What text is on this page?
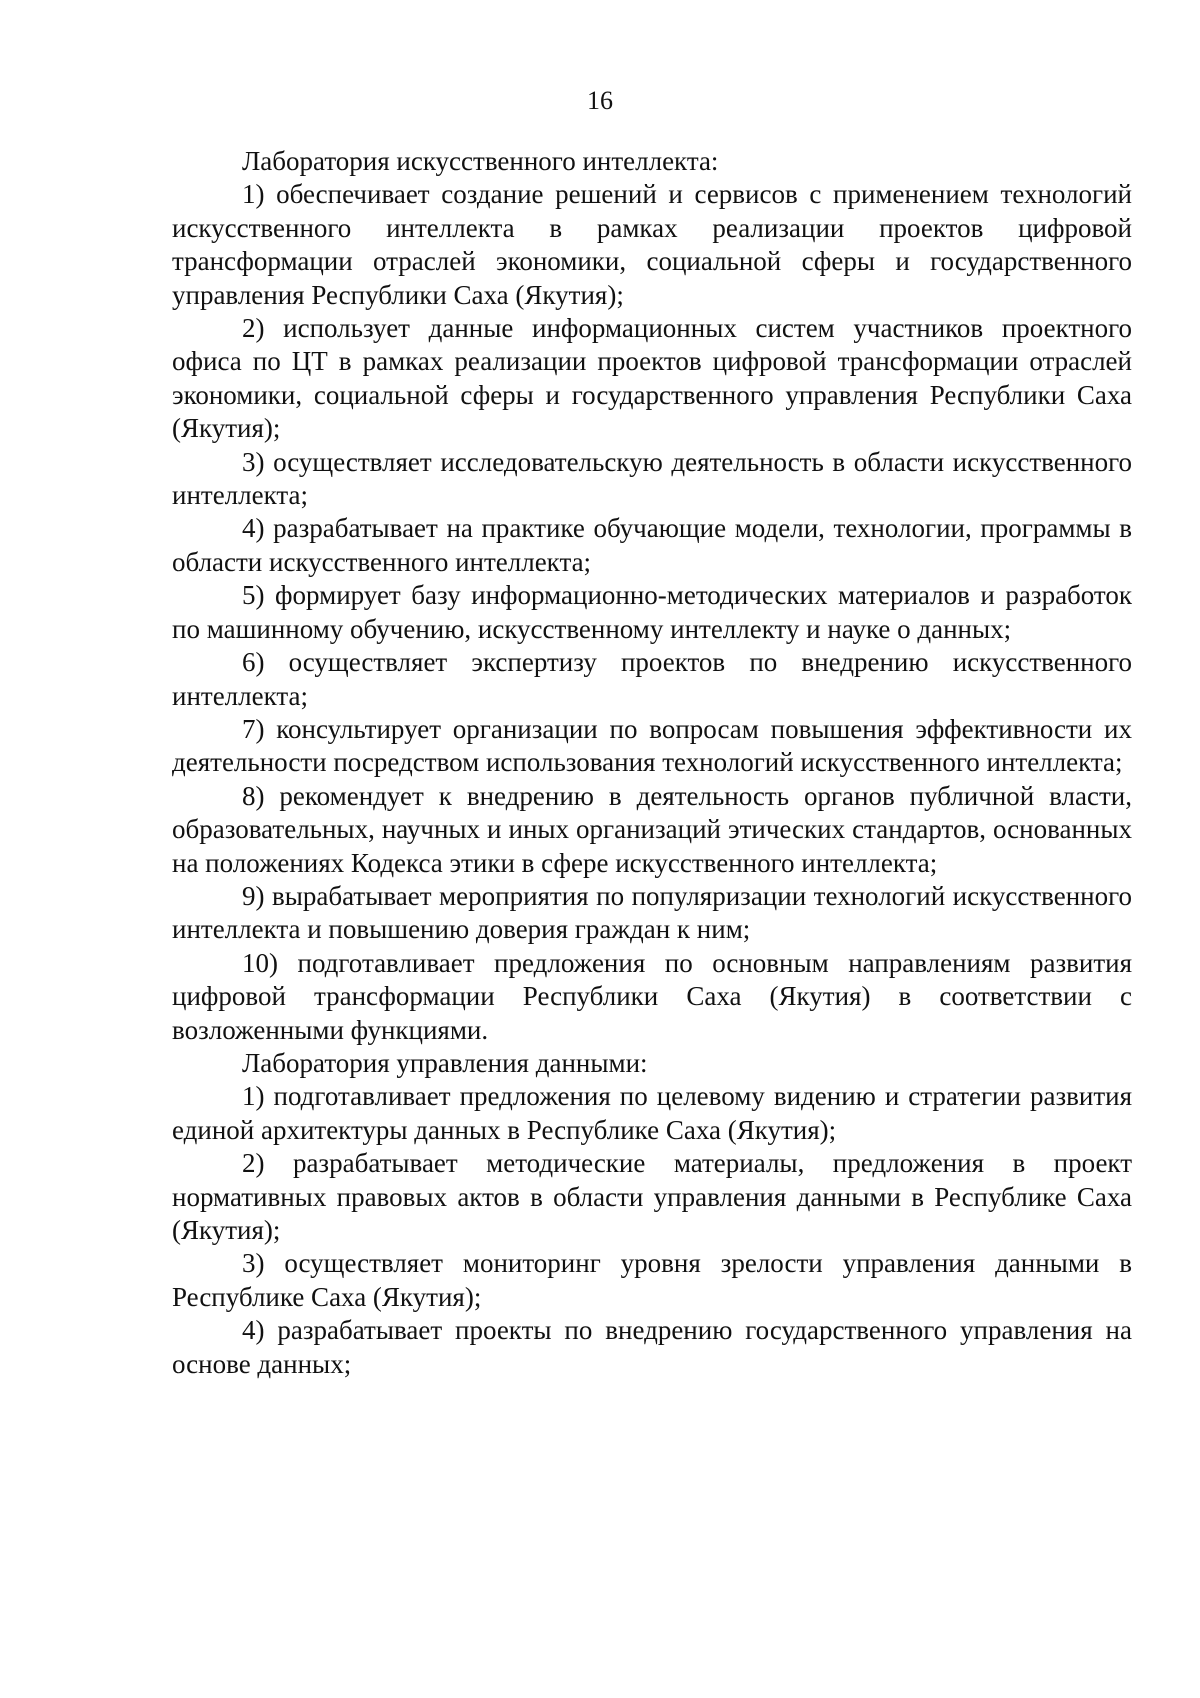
16

Лаборатория искусственного интеллекта:

1) обеспечивает создание решений и сервисов с применением технологий искусственного интеллекта в рамках реализации проектов цифровой трансформации отраслей экономики, социальной сферы и государственного управления Республики Саха (Якутия);

2) использует данные информационных систем участников проектного офиса по ЦТ в рамках реализации проектов цифровой трансформации отраслей экономики, социальной сферы и государственного управления Республики Саха (Якутия);

3) осуществляет исследовательскую деятельность в области искусственного интеллекта;

4) разрабатывает на практике обучающие модели, технологии, программы в области искусственного интеллекта;

5) формирует базу информационно-методических материалов и разработок по машинному обучению, искусственному интеллекту и науке о данных;

6) осуществляет экспертизу проектов по внедрению искусственного интеллекта;

7) консультирует организации по вопросам повышения эффективности их деятельности посредством использования технологий искусственного интеллекта;

8) рекомендует к внедрению в деятельность органов публичной власти, образовательных, научных и иных организаций этических стандартов, основанных на положениях Кодекса этики в сфере искусственного интеллекта;

9) вырабатывает мероприятия по популяризации технологий искусственного интеллекта и повышению доверия граждан к ним;

10) подготавливает предложения по основным направлениям развития цифровой трансформации Республики Саха (Якутия) в соответствии с возложенными функциями.

Лаборатория управления данными:

1) подготавливает предложения по целевому видению и стратегии развития единой архитектуры данных в Республике Саха (Якутия);

2) разрабатывает методические материалы, предложения в проект нормативных правовых актов в области управления данными в Республике Саха (Якутия);

3) осуществляет мониторинг уровня зрелости управления данными в Республике Саха (Якутия);

4) разрабатывает проекты по внедрению государственного управления на основе данных;
